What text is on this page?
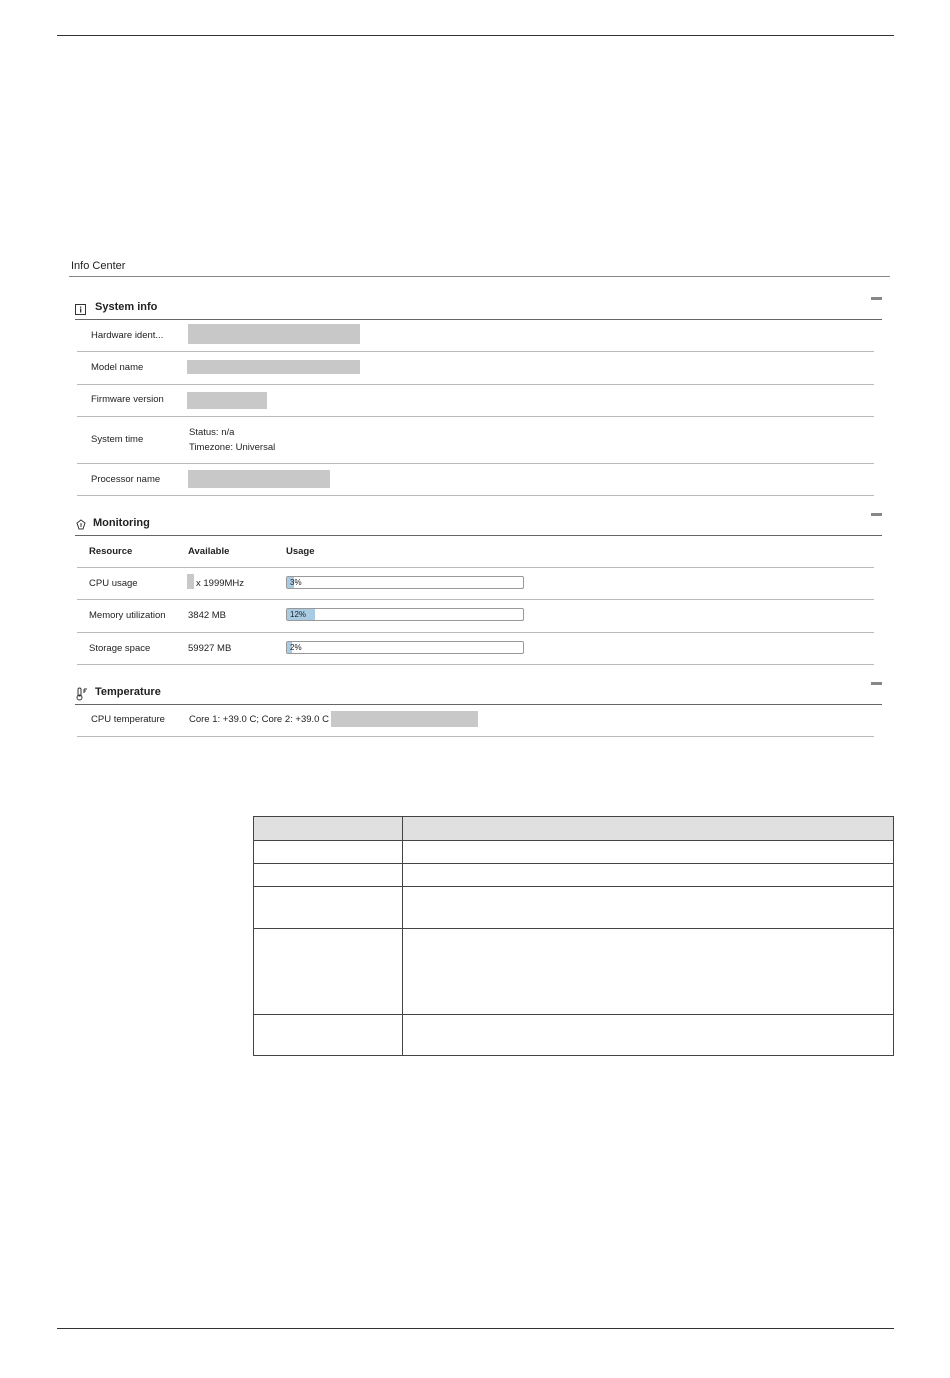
Info Center
System info
Hardware ident...
Model name
Firmware version
System time
Status: n/a
Timezone: Universal
Processor name
Monitoring
Resource	Available	Usage
CPU usage	x 1999MHz	3%
Memory utilization 3842 MB	12%
Storage space	59927 MB	2%
Temperature
CPU temperature	Core 1: +39.0 C; Core 2: +39.0 C
